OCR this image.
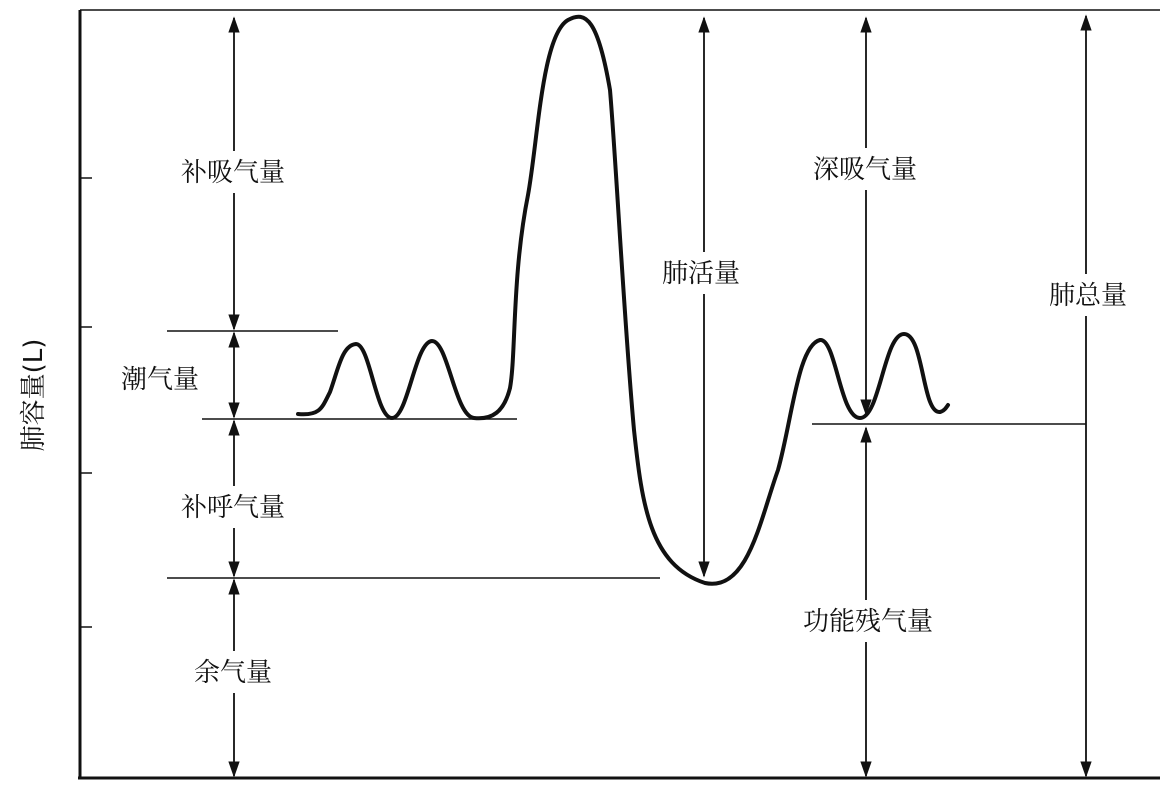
肺容量(L)
补吸气量
潮气量
补呼气量
余气量
肺活量
深吸气量
功能残气量
肺总量
